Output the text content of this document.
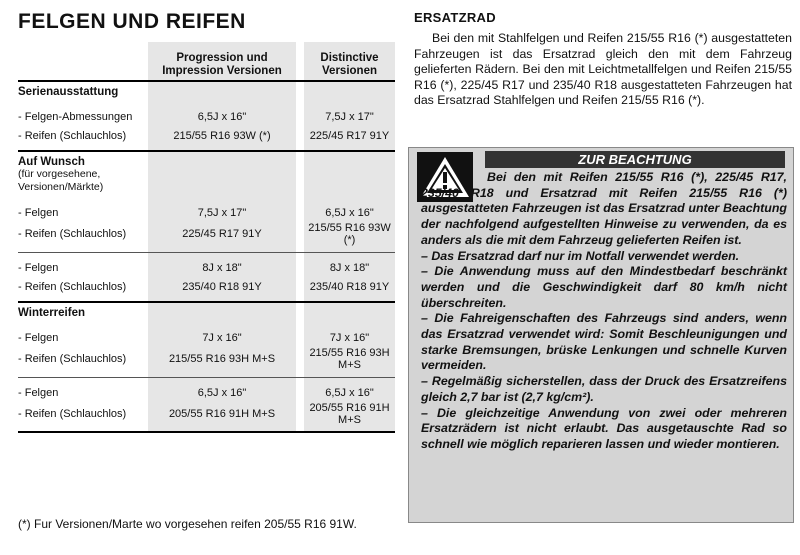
FELGEN UND REIFEN
	Progression und Impression Versionen		Distinctive Versionen

Serienausstattung			

- Felgen-Abmessungen	6,5J x 16"		7,5J x 17"
- Reifen (Schlauchlos)	215/55 R16 93W (*)		225/45 R17 91Y

Auf Wunsch
(für vorgesehene, Versionen/Märkte)			

- Felgen	7,5J x 17"		6,5J x 16"
- Reifen (Schlauchlos)	225/45 R17 91Y		215/55 R16 93W (*)

- Felgen	8J x 18"		8J x 18"
- Reifen (Schlauchlos)	235/40 R18 91Y		235/40 R18 91Y

Winterreifen			

- Felgen	7J x 16"		7J x 16"
- Reifen (Schlauchlos)	215/55 R16 93H M+S		215/55 R16 93H M+S

- Felgen	6,5J x 16"		6,5J x 16"
- Reifen (Schlauchlos)	205/55 R16 91H M+S		205/55 R16 91H M+S

(*) Fur Versionen/Marte wo vorgesehen reifen 205/55 R16 91W.
ERSATZRAD

Bei den mit Stahlfelgen und Reifen 215/55 R16 (*) ausgestatteten Fahrzeugen ist das Ersatzrad gleich den mit dem Fahrzeug gelieferten Rädern. Bei den mit Leichtmetallfelgen und Reifen 215/55 R16 (*), 225/45 R17 und 235/40 R18 ausgestatteten Fahrzeugen hat das Ersatzrad Stahlfelgen und Reifen 215/55 R16 (*).

ZUR BEACHTUNG

Bei den mit Reifen 215/55 R16 (*), 225/45 R17, 235/40 R18 und Ersatzrad mit Reifen 215/55 R16 (*) ausgestatteten Fahrzeugen ist das Ersatzrad unter Beachtung der nachfolgend aufgestellten Hinweise zu verwenden, da es anders als die mit dem Fahrzeug gelieferten Reifen ist.

– Das Ersatzrad darf nur im Notfall verwendet werden.

– Die Anwendung muss auf den Mindestbedarf beschränkt werden und die Geschwindigkeit darf 80 km/h nicht überschreiten.

– Die Fahreigenschaften des Fahrzeugs sind anders, wenn das Ersatzrad verwendet wird: Somit Beschleunigungen und starke Bremsungen, brüske Lenkungen und schnelle Kurven vermeiden.

– Regelmäßig sicherstellen, dass der Druck des Ersatzreifens gleich 2,7 bar ist (2,7 kg/cm²).

– Die gleichzeitige Anwendung von zwei oder mehreren Ersatzrädern ist nicht erlaubt. Das ausgetauschte Rad so schnell wie möglich reparieren lassen und wieder montieren.
